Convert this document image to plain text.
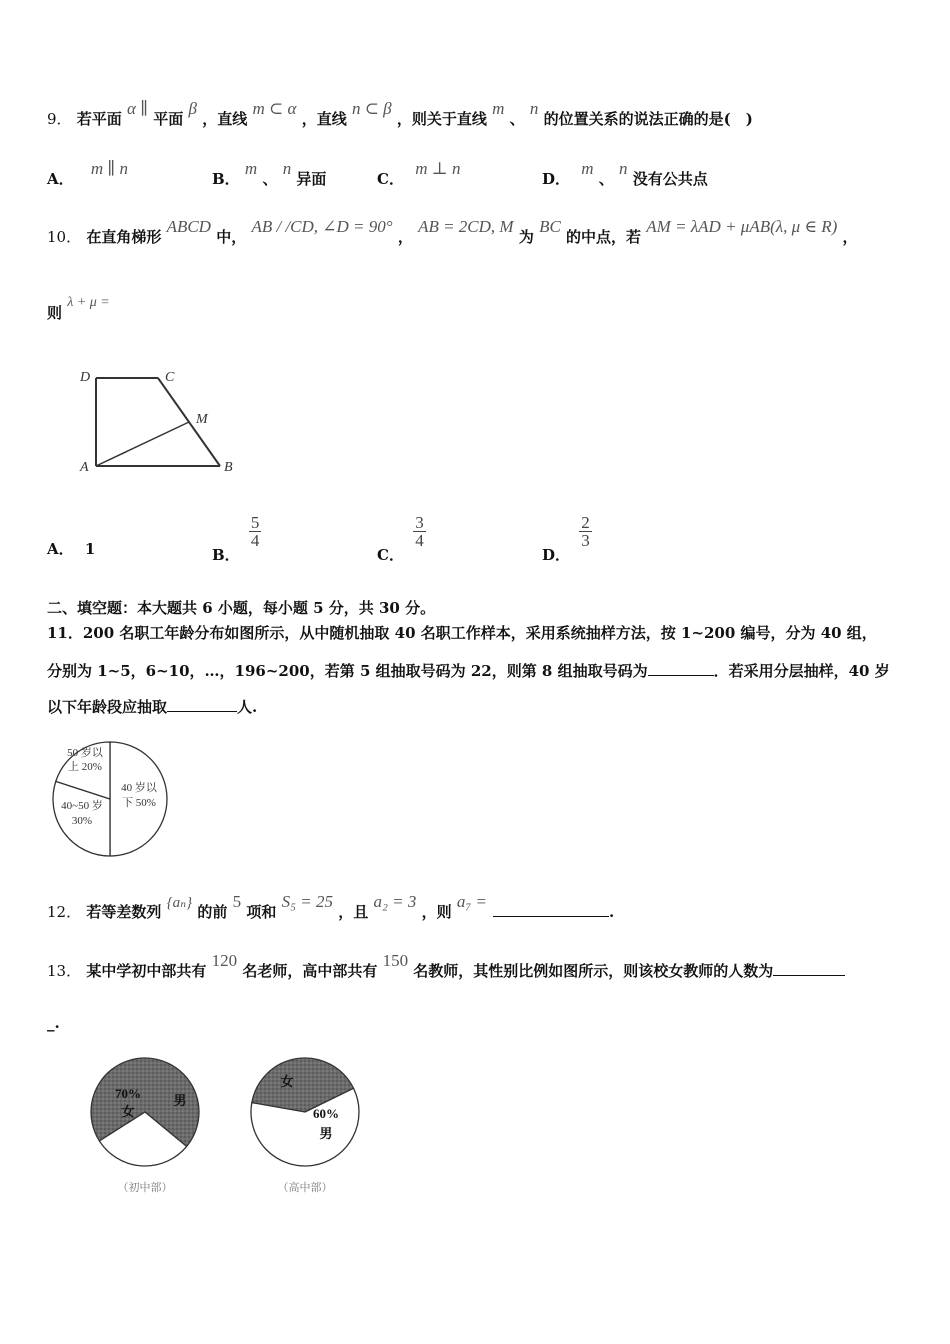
9． 若平面 α ∥ 平面 β ，直线 m ⊂ α ，直线 n ⊂ β ，则关于直线 m 、 n 的位置关系的说法正确的是(　)
A． m ∥ n
B． m 、 n 异面	C． m ⊥ n
D． m 、 n 没有公共点
10． 在直角梯形 ABCD 中， AB / /CD, ∠D = 90° ， AB = 2CD, M 为 BC 的中点，若 AM = λAD + μAB(λ, μ ∈ R) ，
则 λ + μ =
D	C
M
A	B
A． 1	B．
$\frac{5}{4}$
C．
$\frac{3}{4}$
D．
$\frac{2}{3}$
二、填空题：本大题共 6 小题，每小题 5 分，共 30 分。
11．200 名职工年龄分布如图所示，从中随机抽取 40 名职工作样本，采用系统抽样方法，按 1~200 编号，分为 40 组，
分别为 1~5，6~10，…，196~200，若第 5 组抽取号码为 22，则第 8 组抽取号码为	．若采用分层抽样，40 岁
以下年龄段应抽取	人.
50 岁以
上 20%
40 岁以
下 50%
40~50 岁
30%
12． 若等差数列 {aₙ} 的前 5 项和 S₅ = 25 ，且 a₂ = 3 ，则 a₇ =.
13． 某中学初中部共有 120 名老师，高中部共有 150 名教师，其性别比例如图所示，则该校女教师的人数为
_.
70%
女
男
（初中部）
女
60%
男
（高中部）
